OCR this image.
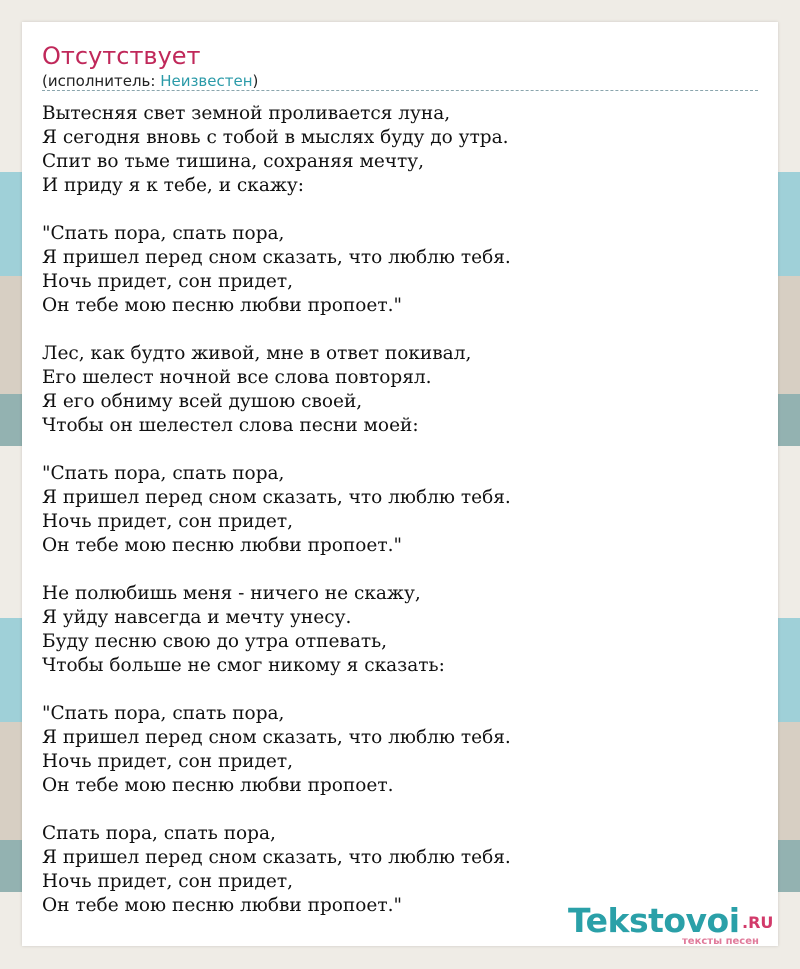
Отсутствует
(исполнитель: Неизвестен)
Вытесняя свет земной проливается луна,
Я сегодня вновь с тобой в мыслях буду до утра.
Спит во тьме тишина, сохраняя мечту,
И приду я к тебе, и скажу:
"Спать пора, спать пора,
Я пришел перед сном сказать, что люблю тебя.
Ночь придет, сон придет,
Он тебе мою песню любви пропоет."
Лес, как будто живой, мне в ответ покивал,
Его шелест ночной все слова повторял.
Я его обниму всей душою своей,
Чтобы он шелестел слова песни моей:
"Спать пора, спать пора,
Я пришел перед сном сказать, что люблю тебя.
Ночь придет, сон придет,
Он тебе мою песню любви пропоет."
Не полюбишь меня - ничего не скажу,
Я уйду навсегда и мечту унесу.
Буду песню свою до утра отпевать,
Чтобы больше не смог никому я сказать:
"Спать пора, спать пора,
Я пришел перед сном сказать, что люблю тебя.
Ночь придет, сон придет,
Он тебе мою песню любви пропоет.
Спать пора, спать пора,
Я пришел перед сном сказать, что люблю тебя.
Ночь придет, сон придет,
Он тебе мою песню любви пропоет."	Tekstovoi .RU
тексты песен
